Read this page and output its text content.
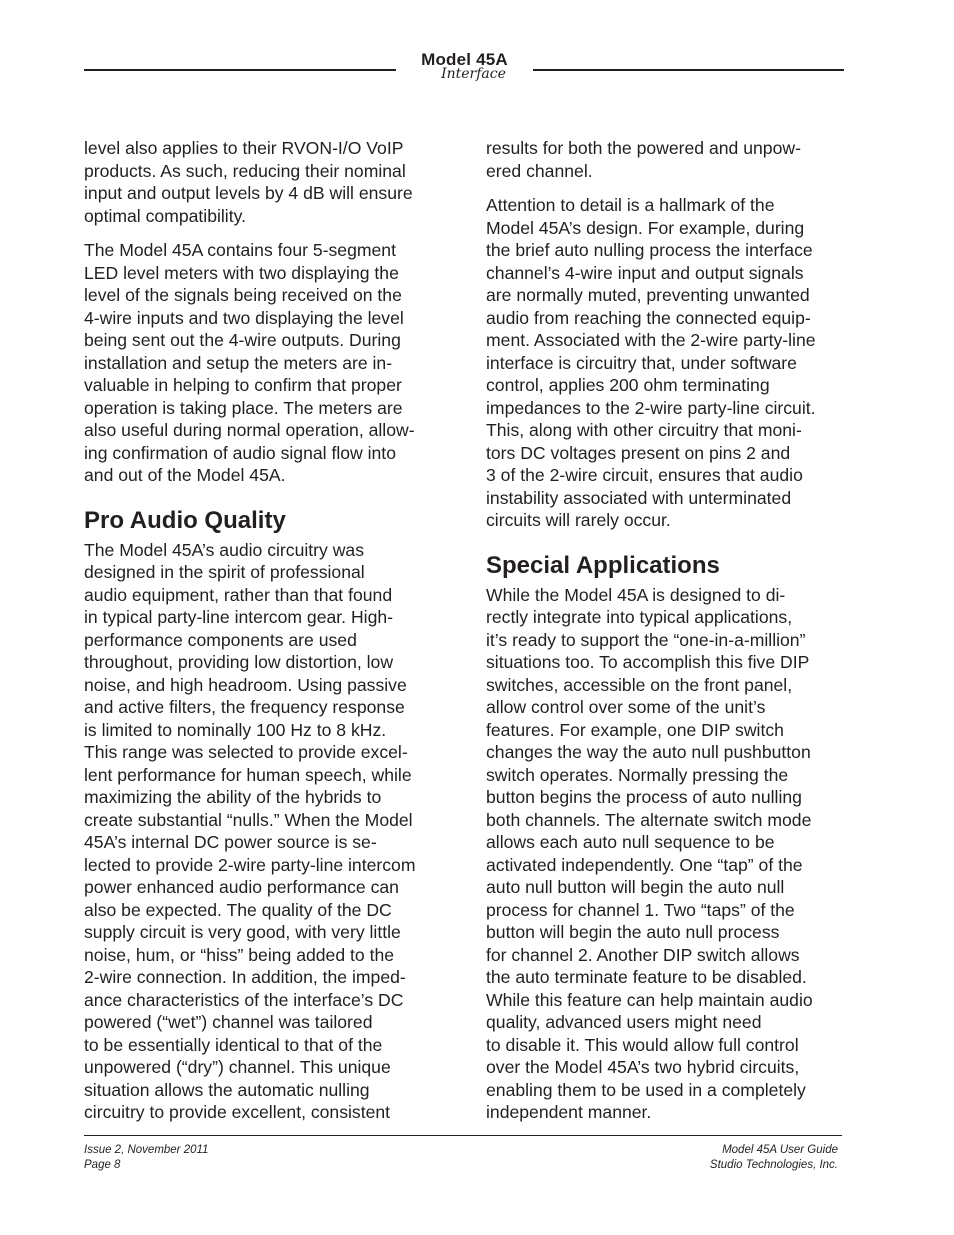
Model 45A
Interface

level also applies to their RVON-I/O VoIP
products. As such, reducing their nominal
input and output levels by 4 dB will ensure
optimal compatibility.

The Model 45A contains four 5-segment
LED level meters with two displaying the
level of the signals being received on the
4-wire inputs and two displaying the level
being sent out the 4-wire outputs. During
installation and setup the meters are in-
valuable in helping to confirm that proper
operation is taking place. The meters are
also useful during normal operation, allow-
ing confirmation of audio signal flow into
and out of the Model 45A.

Pro Audio Quality

The Model 45A’s audio circuitry was
designed in the spirit of professional
audio equipment, rather than that found
in typical party-line intercom gear. High-
performance components are used
throughout, providing low distortion, low
noise, and high headroom. Using passive
and active filters, the frequency response
is limited to nominally 100 Hz to 8 kHz.
This range was selected to provide excel-
lent performance for human speech, while
maximizing the ability of the hybrids to
create substantial “nulls.” When the Model
45A’s internal DC power source is se-
lected to provide 2-wire party-line intercom
power enhanced audio performance can
also be expected. The quality of the DC
supply circuit is very good, with very little
noise, hum, or “hiss” being added to the
2-wire connection. In addition, the imped-
ance characteristics of the interface’s DC
powered (“wet”) channel was tailored
to be essentially identical to that of the
unpowered (“dry”) channel. This unique
situation allows the automatic nulling
circuitry to provide excellent, consistent

results for both the powered and unpow-
ered channel.

Attention to detail is a hallmark of the
Model 45A’s design. For example, during
the brief auto nulling process the interface
channel’s 4-wire input and output signals
are normally muted, preventing unwanted
audio from reaching the connected equip-
ment. Associated with the 2-wire party-line
interface is circuitry that, under software
control, applies 200 ohm terminating
impedances to the 2-wire party-line circuit.
This, along with other circuitry that moni-
tors DC voltages present on pins 2 and
3 of the 2-wire circuit, ensures that audio
instability associated with unterminated
circuits will rarely occur.

Special Applications

While the Model 45A is designed to di-
rectly integrate into typical applications,
it’s ready to support the “one-in-a-million”
situations too. To accomplish this five DIP
switches, accessible on the front panel,
allow control over some of the unit’s
features. For example, one DIP switch
changes the way the auto null pushbutton
switch operates. Normally pressing the
button begins the process of auto nulling
both channels. The alternate switch mode
allows each auto null sequence to be
activated independently. One “tap” of the
auto null button will begin the auto null
process for channel 1. Two “taps” of the
button will begin the auto null process
for channel 2. Another DIP switch allows
the auto terminate feature to be disabled.
While this feature can help maintain audio
quality, advanced users might need
to disable it. This would allow full control
over the Model 45A’s two hybrid circuits,
enabling them to be used in a completely
independent manner.

Issue 2, November 2011
Page 8
Model 45A User Guide
Studio Technologies, Inc.
